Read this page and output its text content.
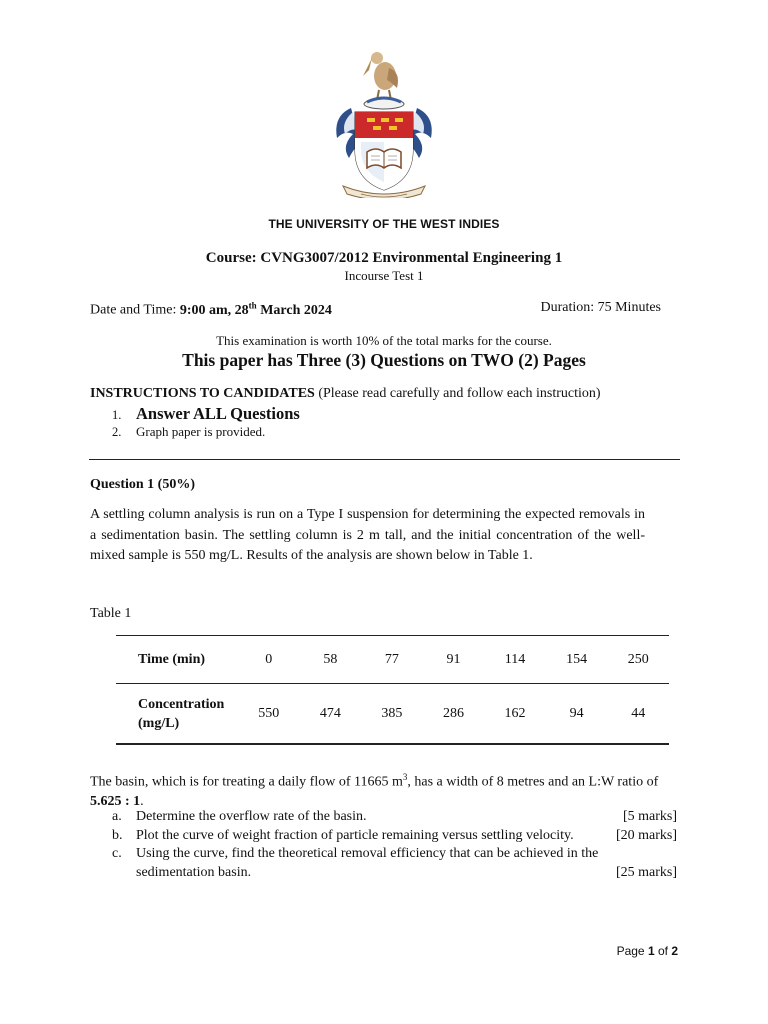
THE UNIVERSITY OF THE WEST INDIES
Course: CVNG3007/2012 Environmental Engineering 1
Incourse Test 1
Date and Time: 9:00 am, 28th March 2024	Duration: 75 Minutes
This examination is worth 10% of the total marks for the course.
This paper has Three (3) Questions on TWO (2) Pages
INSTRUCTIONS TO CANDIDATES (Please read carefully and follow each instruction)
1. Answer ALL Questions
2.	Graph paper is provided.
Question 1 (50%)
A settling column analysis is run on a Type I suspension for determining the expected removals in a sedimentation basin. The settling column is 2 m tall, and the initial concentration of the well-mixed sample is 550 mg/L. Results of the analysis are shown below in Table 1.
Table 1
Time (min)	0	58	77	91	114	154	250
Concentration
(mg/L)	550	474	385	286	162	94	44
The basin, which is for treating a daily flow of 11665 $m^3$, has a width of 8 metres and an L:W ratio of 5.625 : 1.
a.	Determine the overflow rate of the basin.	[5 marks]
b. Plot the curve of weight fraction of particle remaining versus settling velocity.	[20 marks]
c.	Using the curve, find the theoretical removal efficiency that can be achieved in the
sedimentation basin.	[25 marks]
Page 1 of 2
